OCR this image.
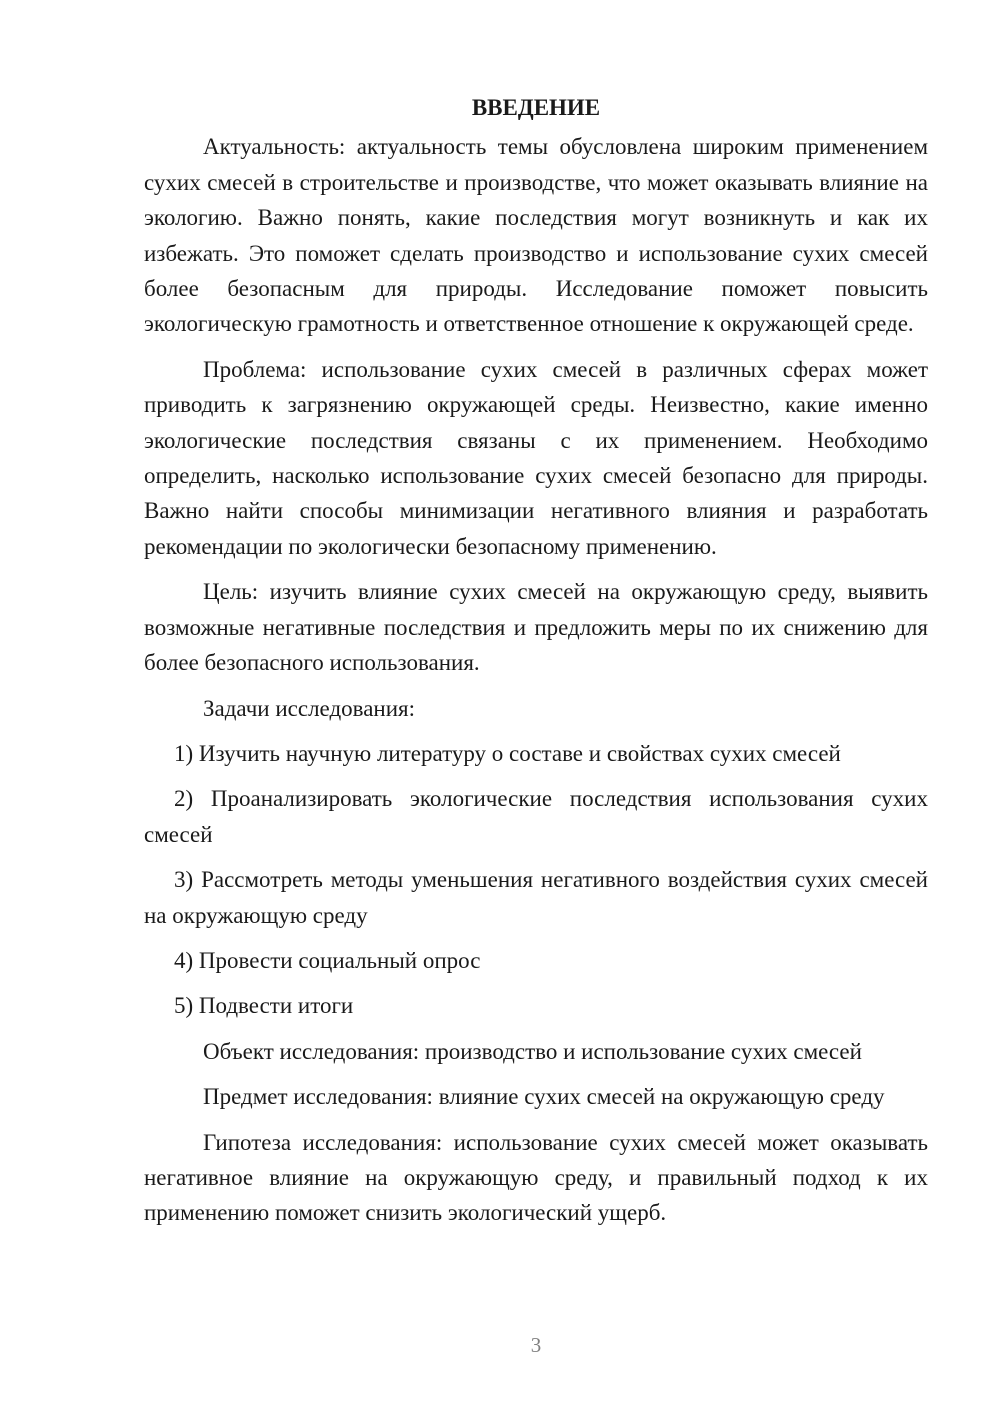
ВВЕДЕНИЕ

Актуальность: актуальность темы обусловлена широким применением сухих смесей в строительстве и производстве, что может оказывать влияние на экологию. Важно понять, какие последствия могут возникнуть и как их избежать. Это поможет сделать производство и использование сухих смесей более безопасным для природы. Исследование поможет повысить экологическую грамотность и ответственное отношение к окружающей среде.

Проблема: использование сухих смесей в различных сферах может приводить к загрязнению окружающей среды. Неизвестно, какие именно экологические последствия связаны с их применением. Необходимо определить, насколько использование сухих смесей безопасно для природы. Важно найти способы минимизации негативного влияния и разработать рекомендации по экологически безопасному применению.

Цель: изучить влияние сухих смесей на окружающую среду, выявить возможные негативные последствия и предложить меры по их снижению для более безопасного использования.

Задачи исследования:

1) Изучить научную литературу о составе и свойствах сухих смесей

2) Проанализировать экологические последствия использования сухих смесей

3) Рассмотреть методы уменьшения негативного воздействия сухих смесей на окружающую среду

4) Провести социальный опрос

5) Подвести итоги

Объект исследования: производство и использование сухих смесей

Предмет исследования: влияние сухих смесей на окружающую среду

Гипотеза исследования: использование сухих смесей может оказывать негативное влияние на окружающую среду, и правильный подход к их применению поможет снизить экологический ущерб.

3
